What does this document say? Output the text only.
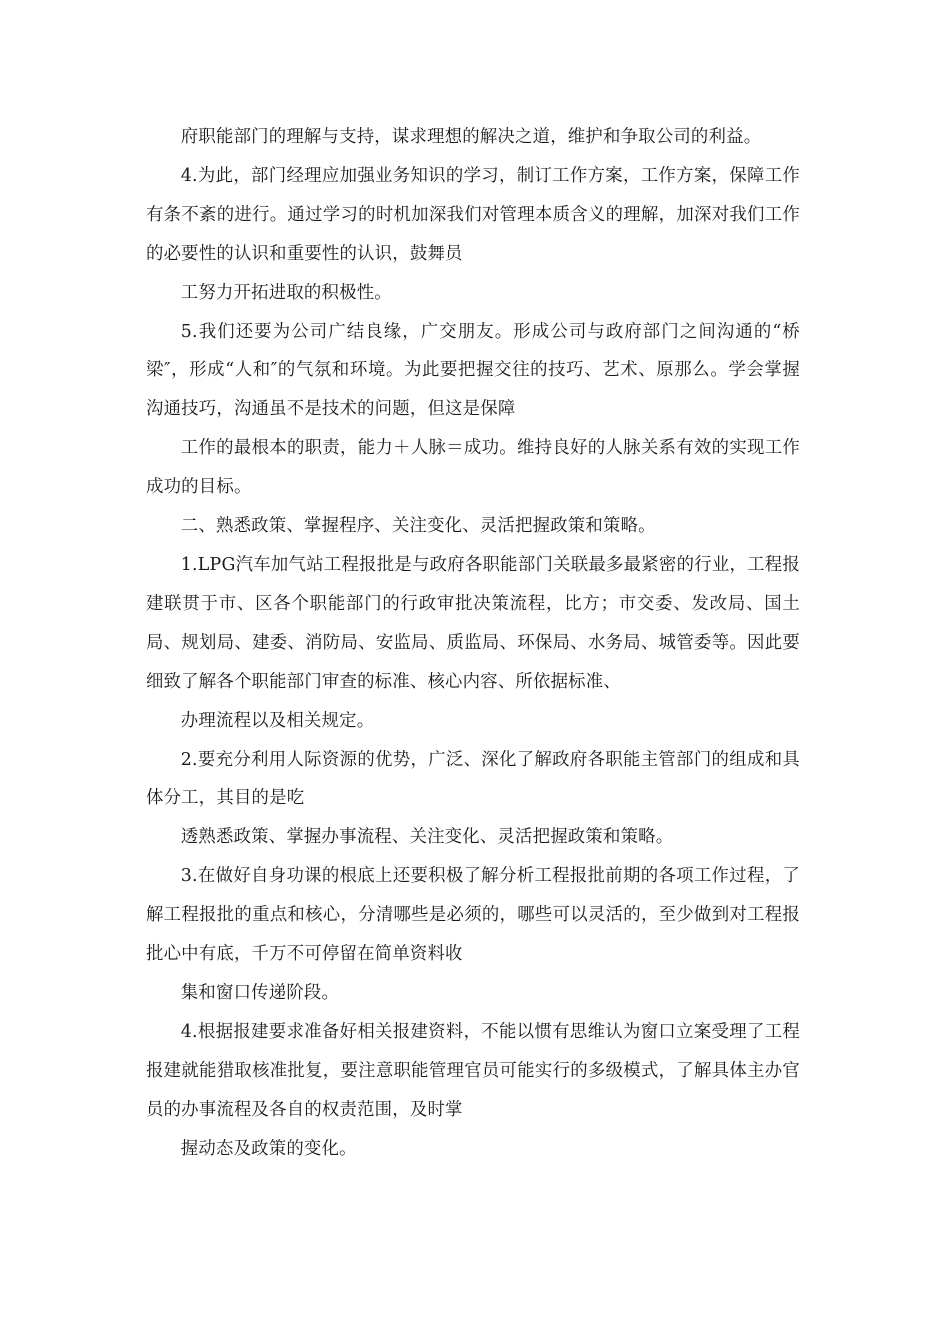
府职能部门的理解与支持，谋求理想的解决之道，维护和争取公司的利益。

4.为此，部门经理应加强业务知识的学习，制订工作方案，工作方案，保障工作有条不紊的进行。通过学习的时机加深我们对管理本质含义的理解，加深对我们工作的必要性的认识和重要性的认识，鼓舞员

工努力开拓进取的积极性。

5.我们还要为公司广结良缘，广交朋友。形成公司与政府部门之间沟通的“桥梁″，形成“人和″的气氛和环境。为此要把握交往的技巧、艺术、原那么。学会掌握沟通技巧，沟通虽不是技术的问题，但这是保障

工作的最根本的职责，能力＋人脉＝成功。维持良好的人脉关系有效的实现工作成功的目标。

二、熟悉政策、掌握程序、关注变化、灵活把握政策和策略。

1.LPG汽车加气站工程报批是与政府各职能部门关联最多最紧密的行业，工程报建联贯于市、区各个职能部门的行政审批决策流程，比方；市交委、发改局、国土局、规划局、建委、消防局、安监局、质监局、环保局、水务局、城管委等。因此要细致了解各个职能部门审查的标准、核心内容、所依据标准、

办理流程以及相关规定。

2.要充分利用人际资源的优势，广泛、深化了解政府各职能主管部门的组成和具体分工，其目的是吃

透熟悉政策、掌握办事流程、关注变化、灵活把握政策和策略。

3.在做好自身功课的根底上还要积极了解分析工程报批前期的各项工作过程，了解工程报批的重点和核心，分清哪些是必须的，哪些可以灵活的，至少做到对工程报批心中有底，千万不可停留在简单资料收

集和窗口传递阶段。

4.根据报建要求准备好相关报建资料，不能以惯有思维认为窗口立案受理了工程报建就能猎取核准批复，要注意职能管理官员可能实行的多级模式，了解具体主办官员的办事流程及各自的权责范围，及时掌

握动态及政策的变化。
